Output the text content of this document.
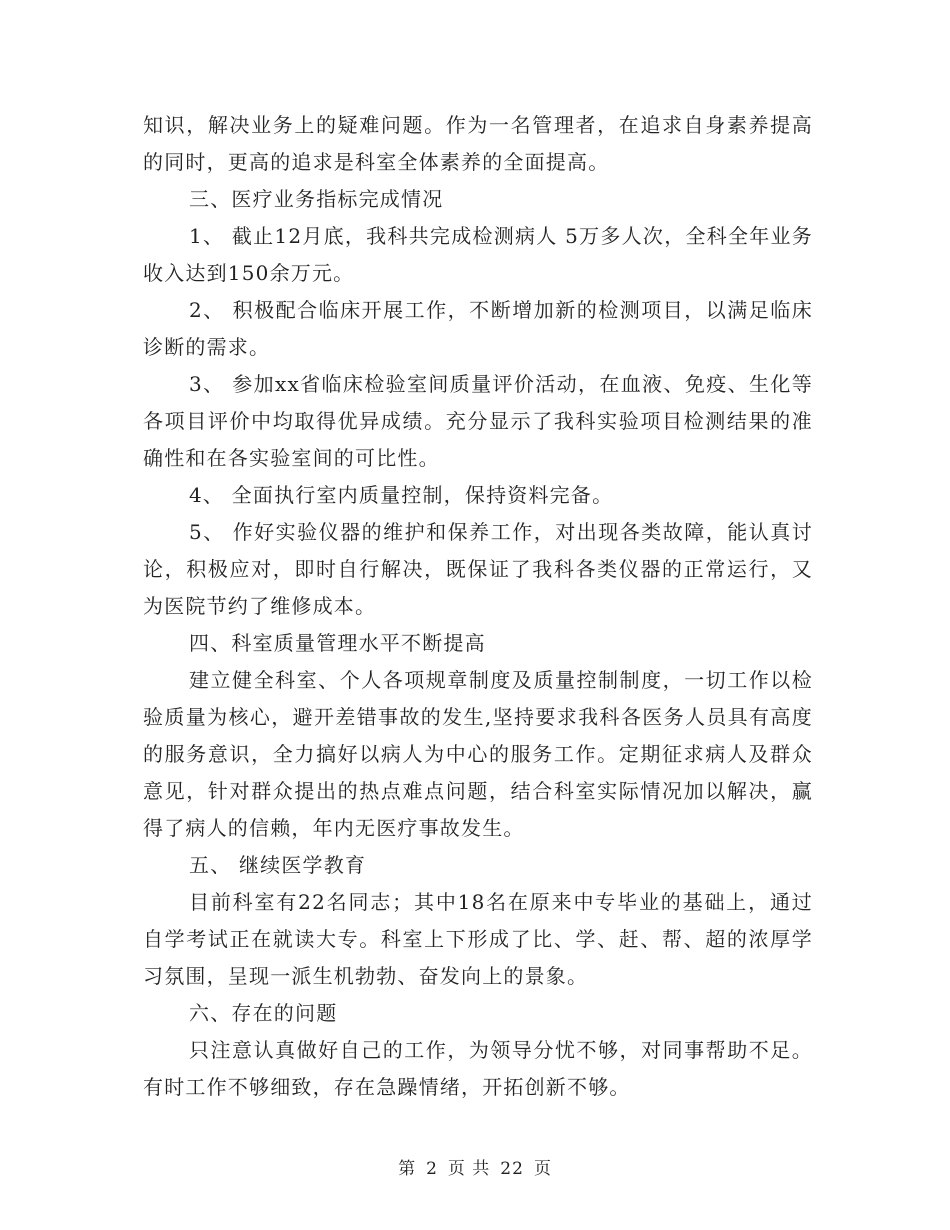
知识，解决业务上的疑难问题。作为一名管理者，在追求自身素养提高的同时，更高的追求是科室全体素养的全面提高。

三、医疗业务指标完成情况

1、 截止12月底，我科共完成检测病人 5万多人次，全科全年业务收入达到150余万元。

2、 积极配合临床开展工作，不断增加新的检测项目，以满足临床诊断的需求。

3、 参加xx省临床检验室间质量评价活动，在血液、免疫、生化等各项目评价中均取得优异成绩。充分显示了我科实验项目检测结果的准确性和在各实验室间的可比性。

4、 全面执行室内质量控制，保持资料完备。

5、 作好实验仪器的维护和保养工作，对出现各类故障，能认真讨论，积极应对，即时自行解决，既保证了我科各类仪器的正常运行，又为医院节约了维修成本。

四、科室质量管理水平不断提高

建立健全科室、个人各项规章制度及质量控制制度，一切工作以检验质量为核心，避开差错事故的发生,坚持要求我科各医务人员具有高度的服务意识，全力搞好以病人为中心的服务工作。定期征求病人及群众意见，针对群众提出的热点难点问题，结合科室实际情况加以解决，赢得了病人的信赖，年内无医疗事故发生。

五、 继续医学教育

目前科室有22名同志；其中18名在原来中专毕业的基础上，通过自学考试正在就读大专。科室上下形成了比、学、赶、帮、超的浓厚学习氛围，呈现一派生机勃勃、奋发向上的景象。

六、存在的问题

只注意认真做好自己的工作，为领导分忧不够，对同事帮助不足。有时工作不够细致，存在急躁情绪，开拓创新不够。

第 2 页 共 22 页
